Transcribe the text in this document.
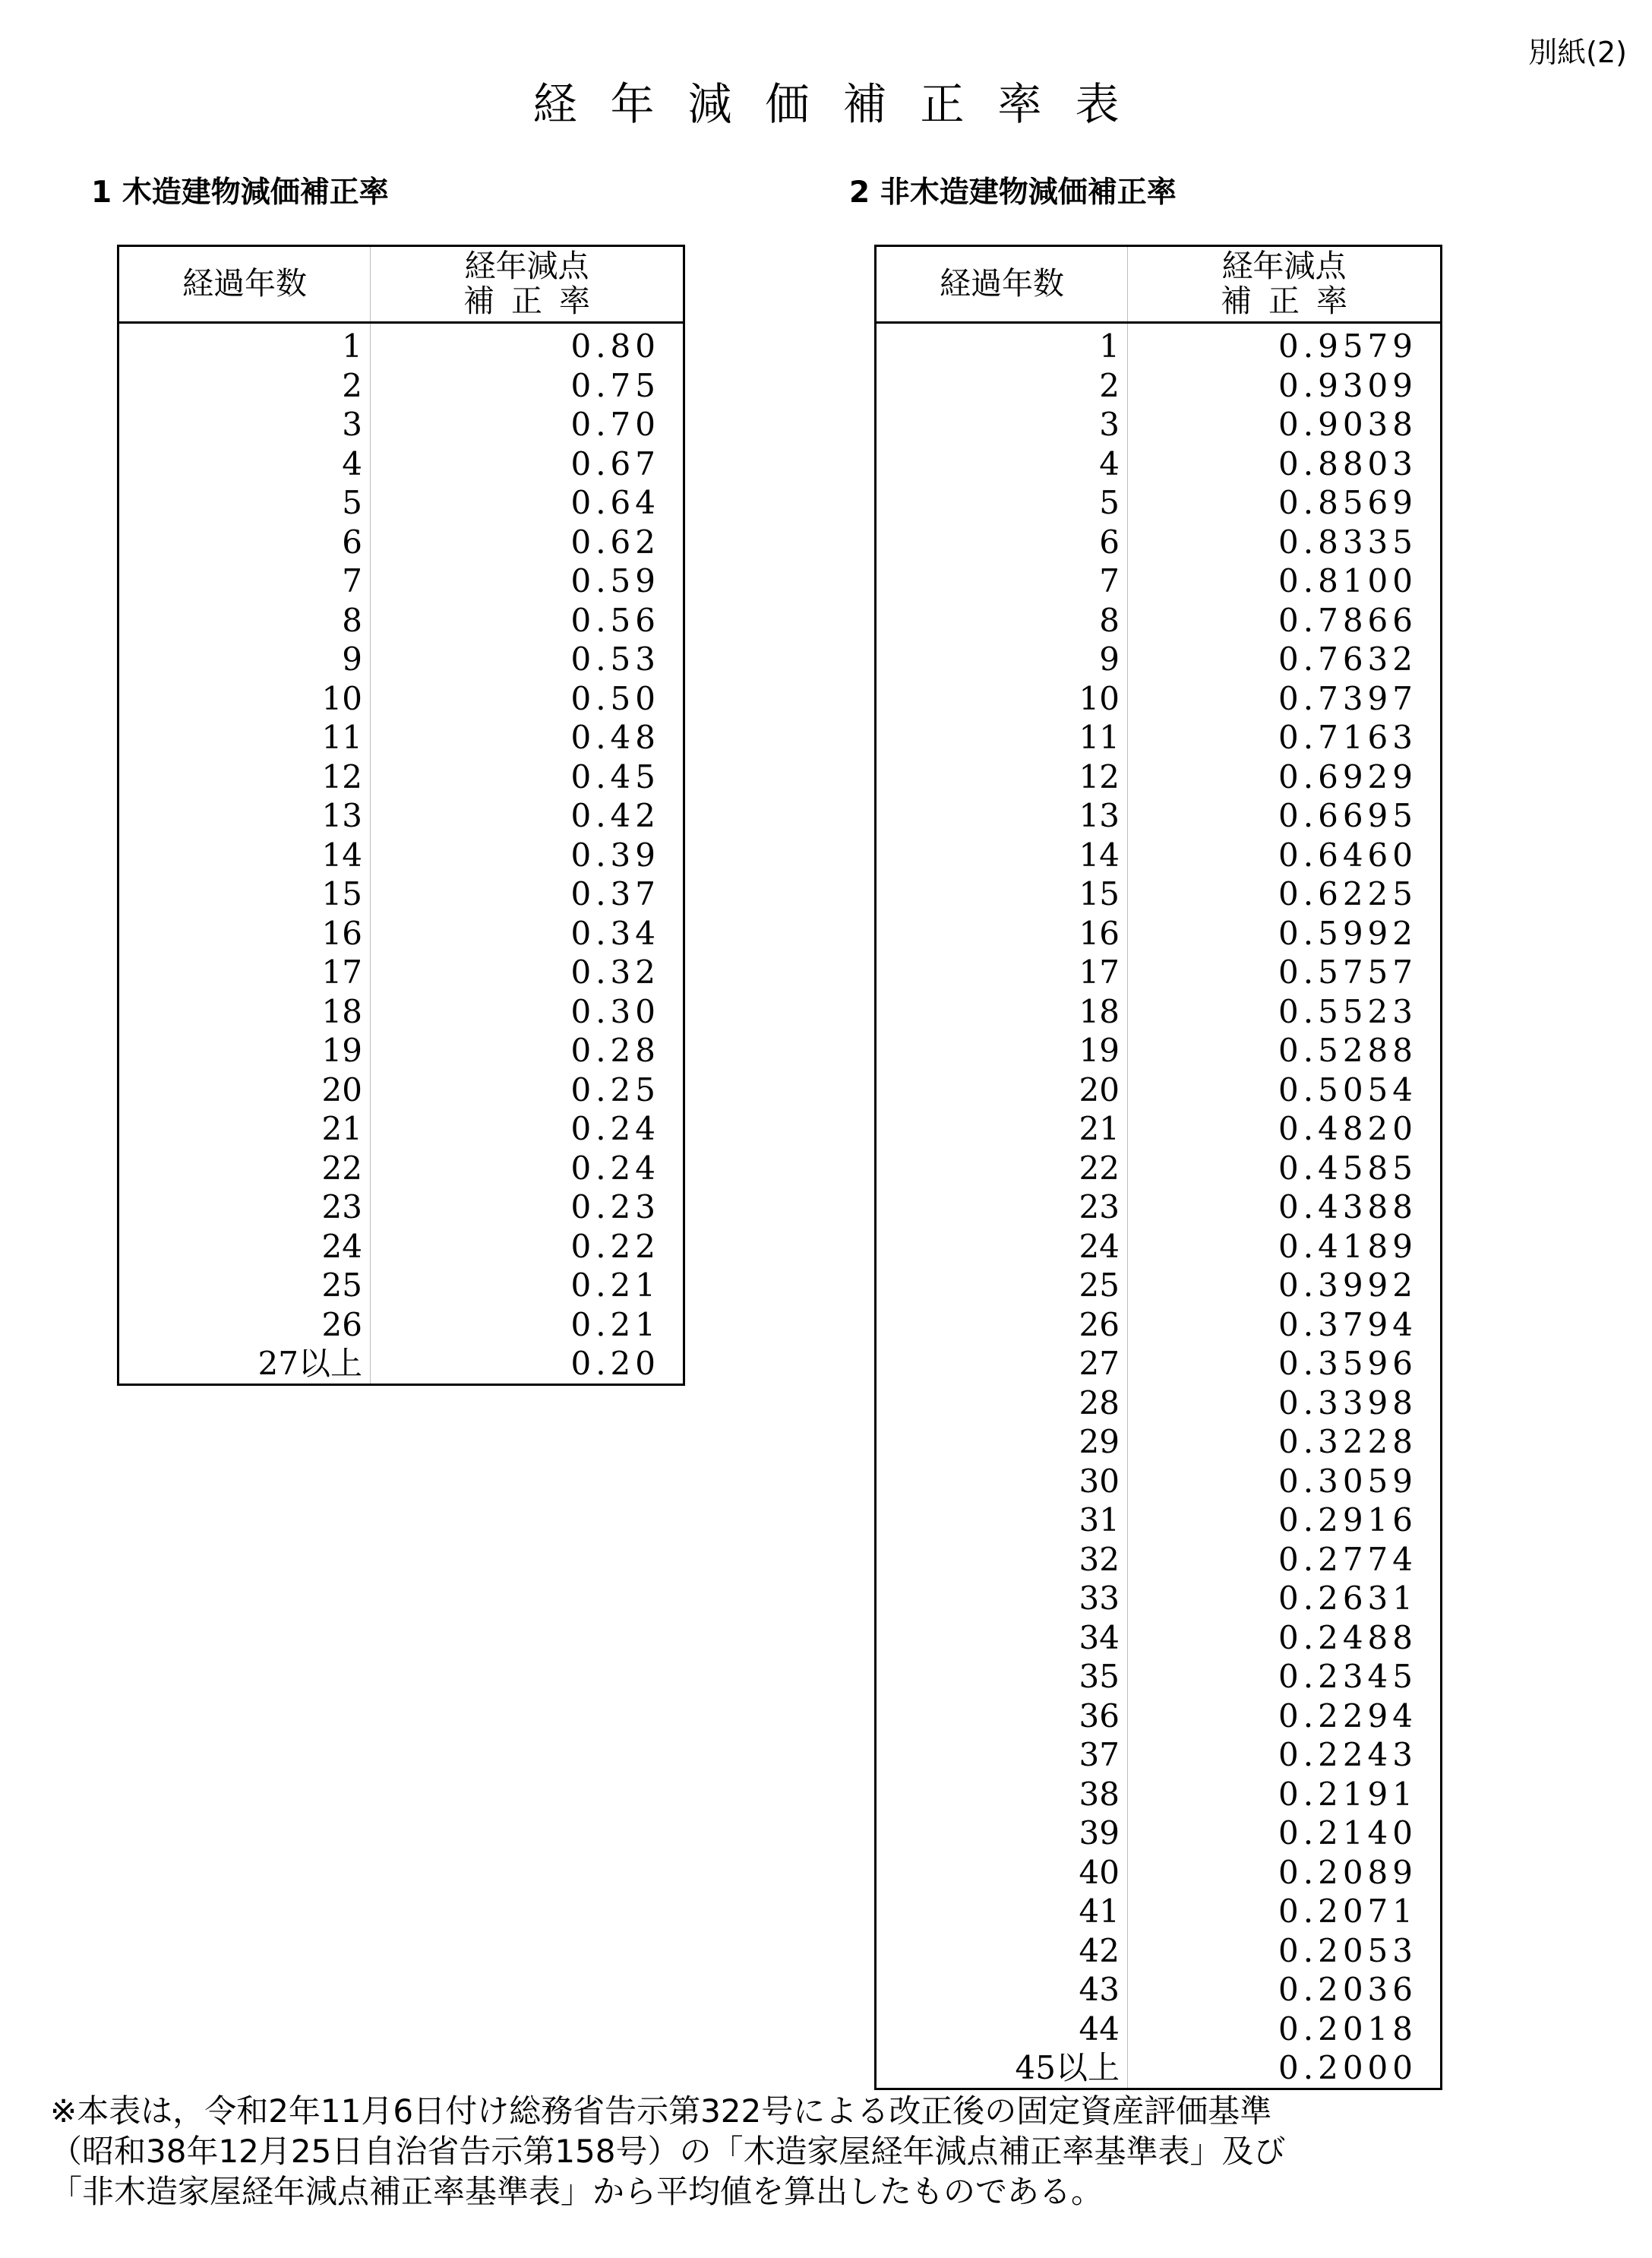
別紙(2)
経 年 減 価 補 正 率 表
1 木造建物減価補正率	2 非木造建物減価補正率
経過年数	経年減点
補正率

1	0.80
2	0.75
3	0.70
4	0.67
5	0.64
6	0.62
7	0.59
8	0.56
9	0.53
10	0.50
11	0.48
12	0.45
13	0.42
14	0.39
15	0.37
16	0.34
17	0.32
18	0.30
19	0.28
20	0.25
21	0.24
22	0.24
23	0.23
24	0.22
25	0.21
26	0.21
27以上	0.20
経過年数	経年減点
補正率

1	0.9579
2	0.9309
3	0.9038
4	0.8803
5	0.8569
6	0.8335
7	0.8100
8	0.7866
9	0.7632
10	0.7397
11	0.7163
12	0.6929
13	0.6695
14	0.6460
15	0.6225
16	0.5992
17	0.5757
18	0.5523
19	0.5288
20	0.5054
21	0.4820
22	0.4585
23	0.4388
24	0.4189
25	0.3992
26	0.3794
27	0.3596
28	0.3398
29	0.3228
30	0.3059
31	0.2916
32	0.2774
33	0.2631
34	0.2488
35	0.2345
36	0.2294
37	0.2243
38	0.2191
39	0.2140
40	0.2089
41	0.2071
42	0.2053
43	0.2036
44	0.2018
45以上	0.2000
※本表は，令和2年11月6日付け総務省告示第322号による改正後の固定資産評価基準
（昭和38年12月25日自治省告示第158号）の「木造家屋経年減点補正率基準表」及び
「非木造家屋経年減点補正率基準表」から平均値を算出したものである。
